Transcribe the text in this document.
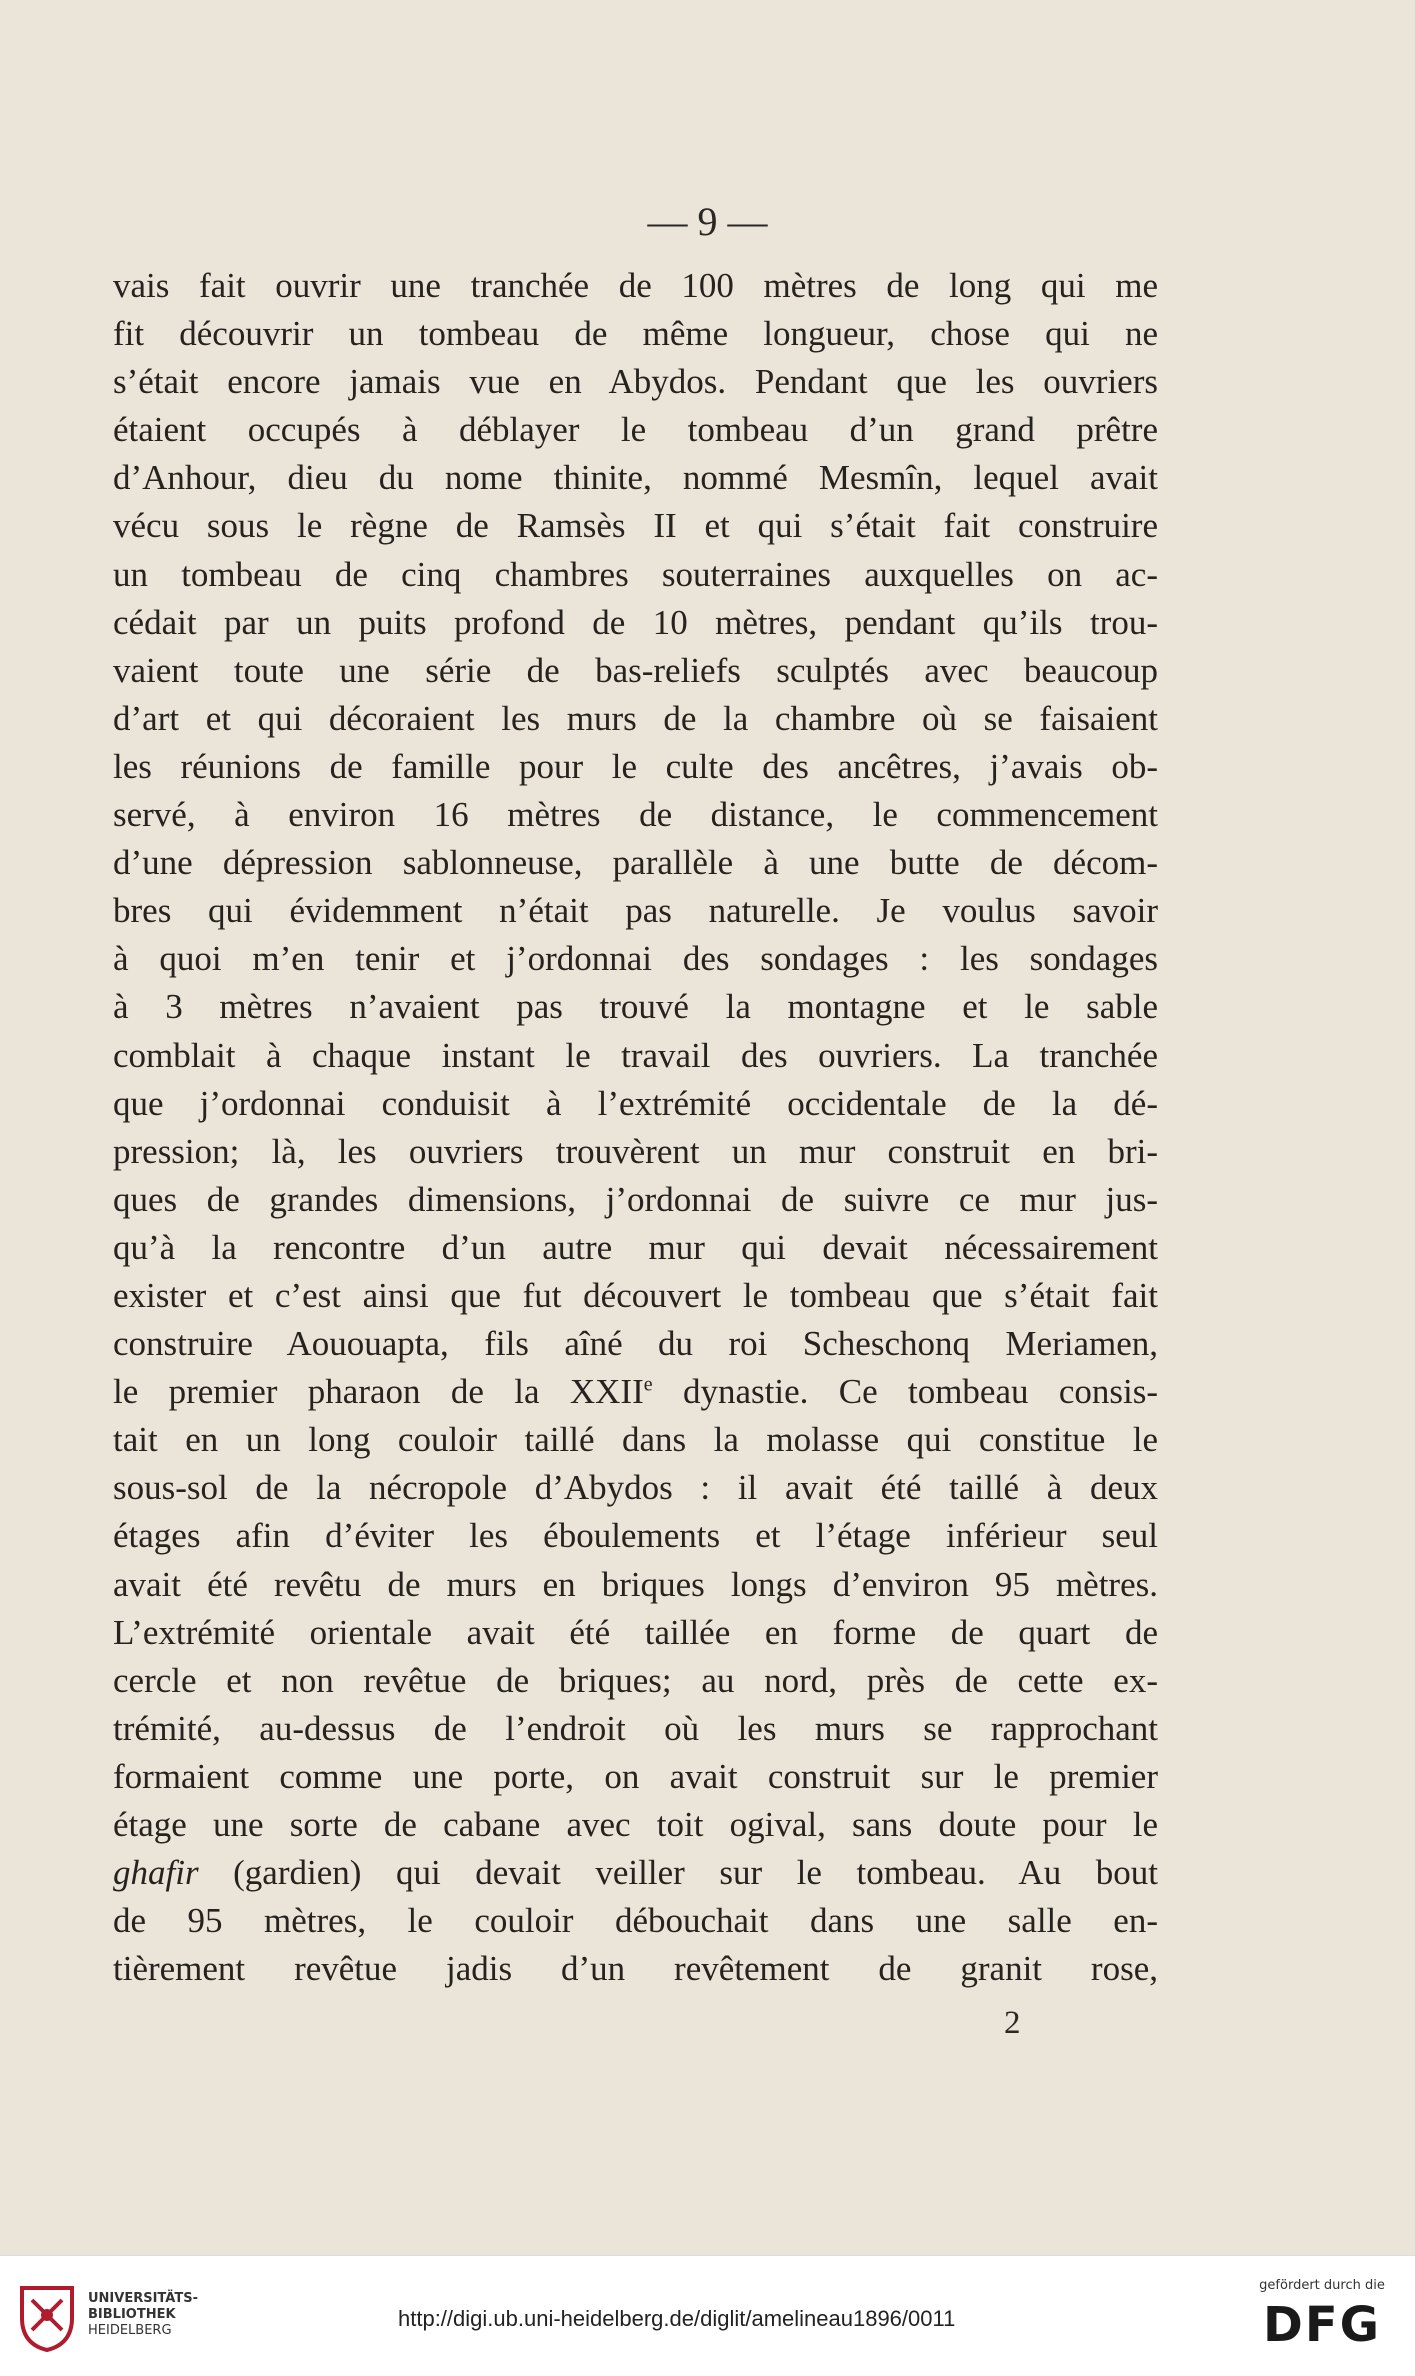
— 9 —
vais fait ouvrir une tranchée de 100 mètres de long qui me
fit découvrir un tombeau de même longueur, chose qui ne
s’était encore jamais vue en Abydos. Pendant que les ouvriers
étaient occupés à déblayer le tombeau d’un grand prêtre
d’Anhour, dieu du nome thinite, nommé Mesmîn, lequel avait
vécu sous le règne de Ramsès II et qui s’était fait construire
un tombeau de cinq chambres souterraines auxquelles on ac-
cédait par un puits profond de 10 mètres, pendant qu’ils trou-
vaient toute une série de bas-reliefs sculptés avec beaucoup
d’art et qui décoraient les murs de la chambre où se faisaient
les réunions de famille pour le culte des ancêtres, j’avais ob-
servé, à environ 16 mètres de distance, le commencement
d’une dépression sablonneuse, parallèle à une butte de décom-
bres qui évidemment n’était pas naturelle. Je voulus savoir
à quoi m’en tenir et j’ordonnai des sondages : les sondages
à 3 mètres n’avaient pas trouvé la montagne et le sable
comblait à chaque instant le travail des ouvriers. La tranchée
que j’ordonnai conduisit à l’extrémité occidentale de la dé-
pression; là, les ouvriers trouvèrent un mur construit en bri-
ques de grandes dimensions, j’ordonnai de suivre ce mur jus-
qu’à la rencontre d’un autre mur qui devait nécessairement
exister et c’est ainsi que fut découvert le tombeau que s’était fait
construire Aououapta, fils aîné du roi Scheschonq Meriamen,
le premier pharaon de la XXIIe dynastie. Ce tombeau consis-
tait en un long couloir taillé dans la molasse qui constitue le
sous-sol de la nécropole d’Abydos : il avait été taillé à deux
étages afin d’éviter les éboulements et l’étage inférieur seul
avait été revêtu de murs en briques longs d’environ 95 mètres.
L’extrémité orientale avait été taillée en forme de quart de
cercle et non revêtue de briques; au nord, près de cette ex-
trémité, au-dessus de l’endroit où les murs se rapprochant
formaient comme une porte, on avait construit sur le premier
étage une sorte de cabane avec toit ogival, sans doute pour le
ghafir (gardien) qui devait veiller sur le tombeau. Au bout
de 95 mètres, le couloir débouchait dans une salle en-
tièrement revêtue jadis d’un revêtement de granit rose,
2
UNIVERSITÄTS-
BIBLIOTHEK
HEIDELBERG	http://digi.ub.uni-heidelberg.de/diglit/amelineau1896/0011
gefördert durch die
DFG
